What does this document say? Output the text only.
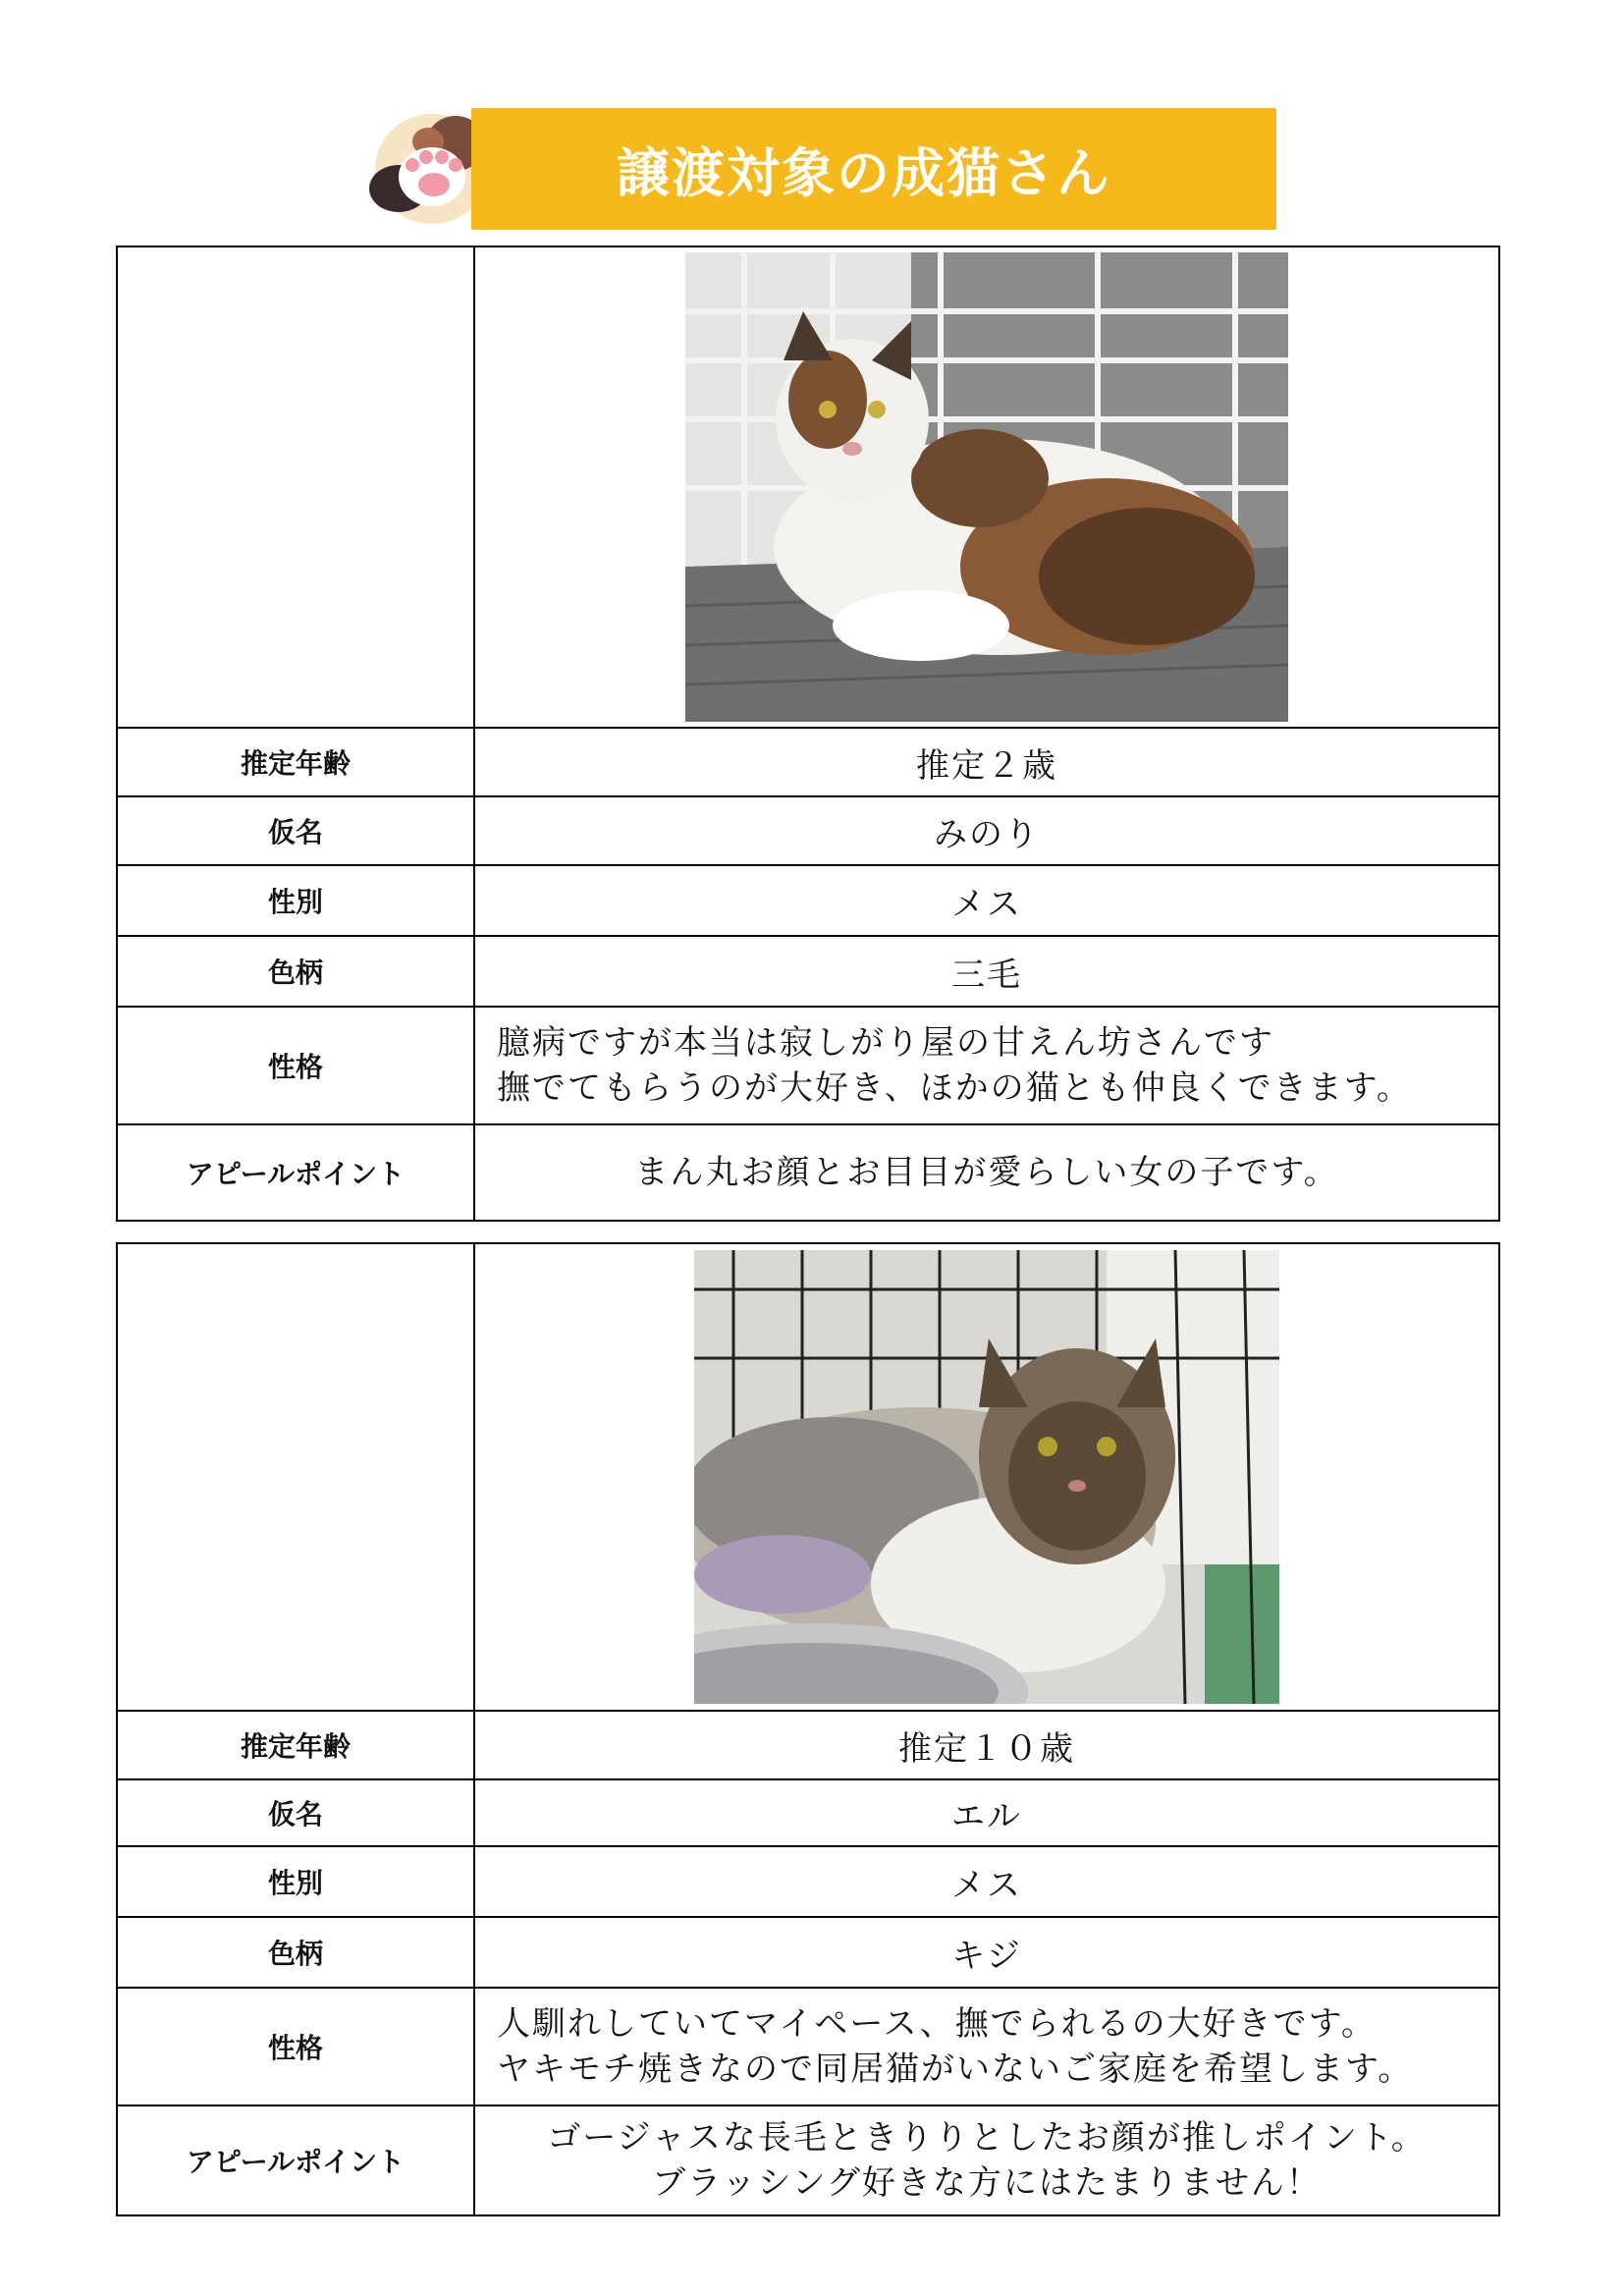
譲渡対象の成猫さん

推定年齢	推定２歳
仮名	みのり
性別	メス
色柄	三毛
性格	臆病ですが本当は寂しがり屋の甘えん坊さんです
撫でてもらうのが大好き、ほかの猫とも仲良くできます。

アピールポイント	まん丸お顔とお目目が愛らしい女の子です。

推定年齢	推定１０歳
仮名	エル
性別	メス
色柄	キジ
性格	人馴れしていてマイペース、撫でられるの大好きです。
ヤキモチ焼きなので同居猫がいないご家庭を希望します。

アピールポイント	ゴージャスな長毛ときりりとしたお顔が推しポイント。
ブラッシング好きな方にはたまりません！
